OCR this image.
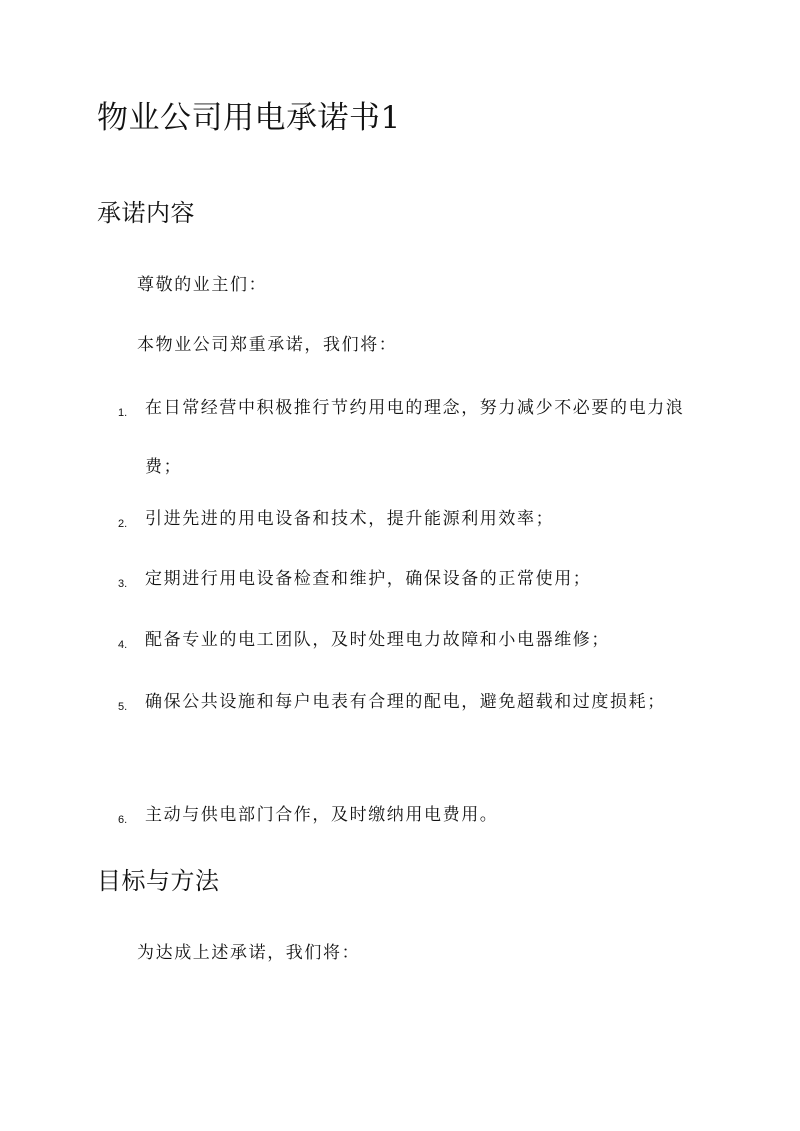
物业公司用电承诺书1
承诺内容

尊敬的业主们：

本物业公司郑重承诺，我们将：

1.	在日常经营中积极推行节约用电的理念，努力减少不必要的电力浪费；
2.	引进先进的用电设备和技术，提升能源利用效率；
3.	定期进行用电设备检查和维护，确保设备的正常使用；
4.	配备专业的电工团队，及时处理电力故障和小电器维修；
5.	确保公共设施和每户电表有合理的配电，避免超载和过度损耗；
6.	主动与供电部门合作，及时缴纳用电费用。
目标与方法

为达成上述承诺，我们将：
